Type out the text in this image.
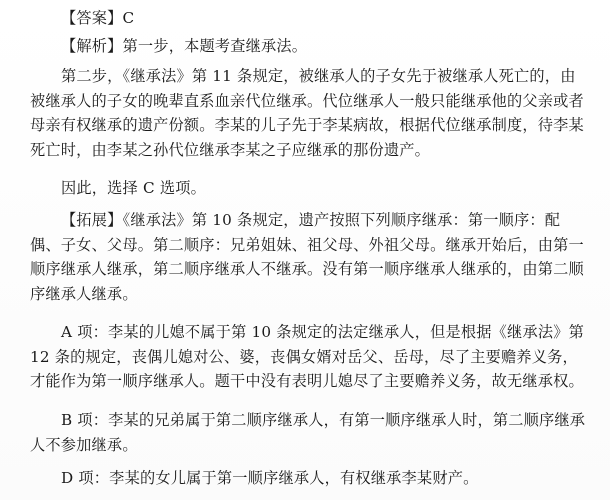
【答案】C

【解析】第一步，本题考查继承法。

第二步，《继承法》第 11 条规定，被继承人的子女先于被继承人死亡的，由被继承人的子女的晚辈直系血亲代位继承。代位继承人一般只能继承他的父亲或者母亲有权继承的遗产份额。李某的儿子先于李某病故，根据代位继承制度，待李某死亡时，由李某之孙代位继承李某之子应继承的那份遗产。

因此，选择 C 选项。

【拓展】《继承法》第 10 条规定，遗产按照下列顺序继承：第一顺序：配偶、子女、父母。第二顺序：兄弟姐妹、祖父母、外祖父母。继承开始后，由第一顺序继承人继承，第二顺序继承人不继承。没有第一顺序继承人继承的，由第二顺序继承人继承。

A 项：李某的儿媳不属于第 10 条规定的法定继承人，但是根据《继承法》第 12 条的规定，丧偶儿媳对公、婆，丧偶女婿对岳父、岳母，尽了主要赡养义务，才能作为第一顺序继承人。题干中没有表明儿媳尽了主要赡养义务，故无继承权。

B 项：李某的兄弟属于第二顺序继承人，有第一顺序继承人时，第二顺序继承人不参加继承。

D 项：李某的女儿属于第一顺序继承人，有权继承李某财产。
